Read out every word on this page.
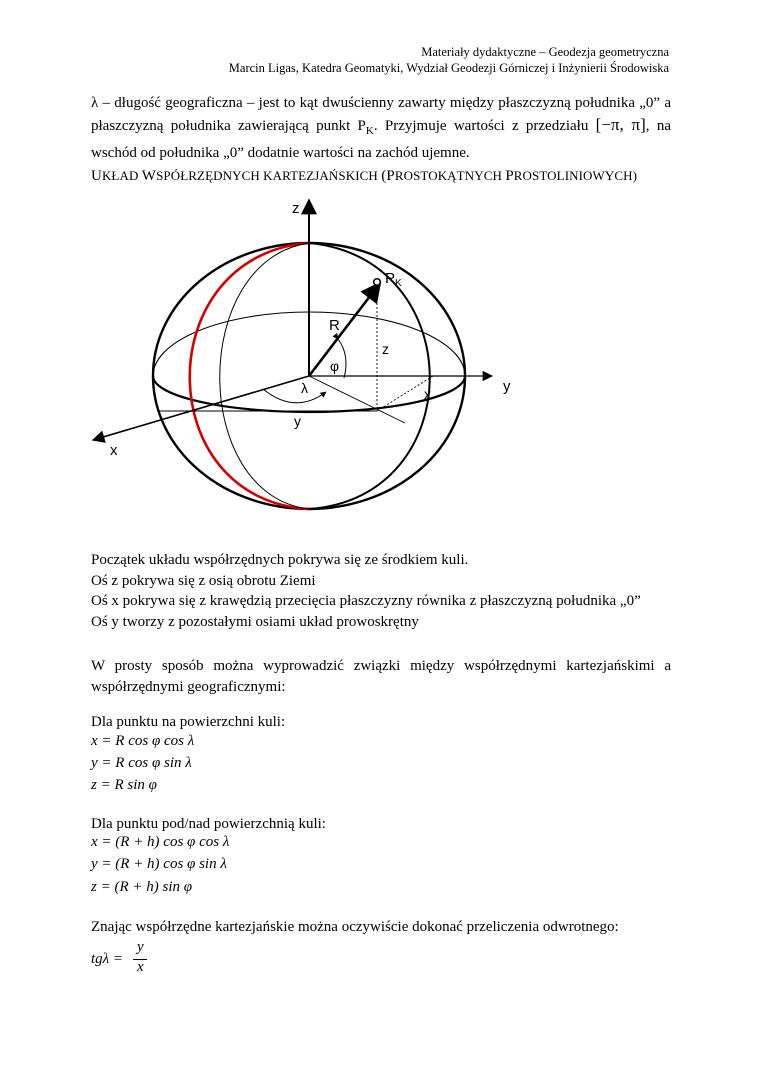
Materiały dydaktyczne – Geodezja geometryczna
Marcin Ligas, Katedra Geomatyki, Wydział Geodezji Górniczej i Inżynierii Środowiska
λ – długość geograficzna – jest to kąt dwuścienny zawarty między płaszczyzną południka „0” a płaszczyzną południka zawierającą punkt $P_K$. Przyjmuje wartości z przedziału [−π, π], na wschód od południka „0” dodatnie wartości na zachód ujemne.
UKŁAD WSPÓŁRZĘDNYCH KARTEZJAŃSKICH (PROSTOKĄTNYCH PROSTOLINIOWYCH)
z
y
x
$P_K$
R
φ
λ
z
x
y
Początek układu współrzędnych pokrywa się ze środkiem kuli.
Oś z pokrywa się z osią obrotu Ziemi
Oś x pokrywa się z krawędzią przecięcia płaszczyzny równika z płaszczyzną południka „0”
Oś y tworzy z pozostałymi osiami układ prowoskrętny
W prosty sposób można wyprowadzić związki między współrzędnymi kartezjańskimi a współrzędnymi geograficznymi:
Dla punktu na powierzchni kuli:
x = R cos φ cos λ
y = R cos φ sin λ
z = R sin φ
Dla punktu pod/nad powierzchnią kuli:
x = (R + h) cos φ cos λ
y = (R + h) cos φ sin λ
z = (R + h) sin φ
Znając współrzędne kartezjańskie można oczywiście dokonać przeliczenia odwrotnego:
tgλ =
y
x
